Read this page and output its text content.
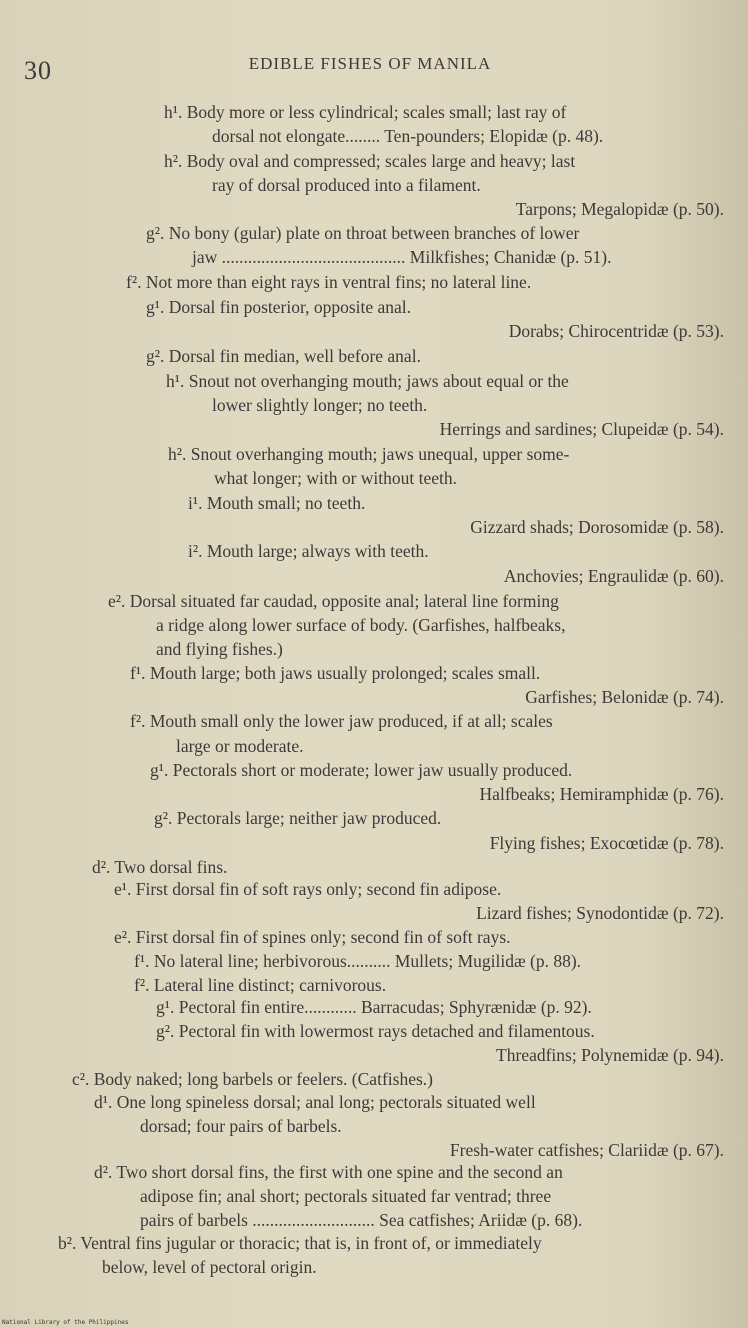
30	EDIBLE FISHES OF MANILA
h¹. Body more or less cylindrical; scales small; last ray of
dorsal not elongate........ Ten-pounders; Elopidæ (p. 48).
h². Body oval and compressed; scales large and heavy; last
ray of dorsal produced into a filament.
Tarpons; Megalopidæ (p. 50).
g². No bony (gular) plate on throat between branches of lower
jaw .......................................... Milkfishes; Chanidæ (p. 51).
f². Not more than eight rays in ventral fins; no lateral line.
g¹. Dorsal fin posterior, opposite anal.
Dorabs; Chirocentridæ (p. 53).
g². Dorsal fin median, well before anal.
h¹. Snout not overhanging mouth; jaws about equal or the
lower slightly longer; no teeth.
Herrings and sardines; Clupeidæ (p. 54).
h². Snout overhanging mouth; jaws unequal, upper some-
what longer; with or without teeth.
i¹. Mouth small; no teeth.
Gizzard shads; Dorosomidæ (p. 58).
i². Mouth large; always with teeth.
Anchovies; Engraulidæ (p. 60).
e². Dorsal situated far caudad, opposite anal; lateral line forming
a ridge along lower surface of body. (Garfishes, halfbeaks,
and flying fishes.)
f¹. Mouth large; both jaws usually prolonged; scales small.
Garfishes; Belonidæ (p. 74).
f². Mouth small only the lower jaw produced, if at all; scales
large or moderate.
g¹. Pectorals short or moderate; lower jaw usually produced.
Halfbeaks; Hemiramphidæ (p. 76).
g². Pectorals large; neither jaw produced.
Flying fishes; Exocœtidæ (p. 78).
d². Two dorsal fins.
e¹. First dorsal fin of soft rays only; second fin adipose.
Lizard fishes; Synodontidæ (p. 72).
e². First dorsal fin of spines only; second fin of soft rays.
f¹. No lateral line; herbivorous.......... Mullets; Mugilidæ (p. 88).
f². Lateral line distinct; carnivorous.
g¹. Pectoral fin entire............ Barracudas; Sphyrænidæ (p. 92).
g². Pectoral fin with lowermost rays detached and filamentous.
Threadfins; Polynemidæ (p. 94).
c². Body naked; long barbels or feelers. (Catfishes.)
d¹. One long spineless dorsal; anal long; pectorals situated well
dorsad; four pairs of barbels.
Fresh-water catfishes; Clariidæ (p. 67).
d². Two short dorsal fins, the first with one spine and the second an
adipose fin; anal short; pectorals situated far ventrad; three
pairs of barbels ............................ Sea catfishes; Ariidæ (p. 68).
b². Ventral fins jugular or thoracic; that is, in front of, or immediately
below, level of pectoral origin.
National Library of the Philippines
